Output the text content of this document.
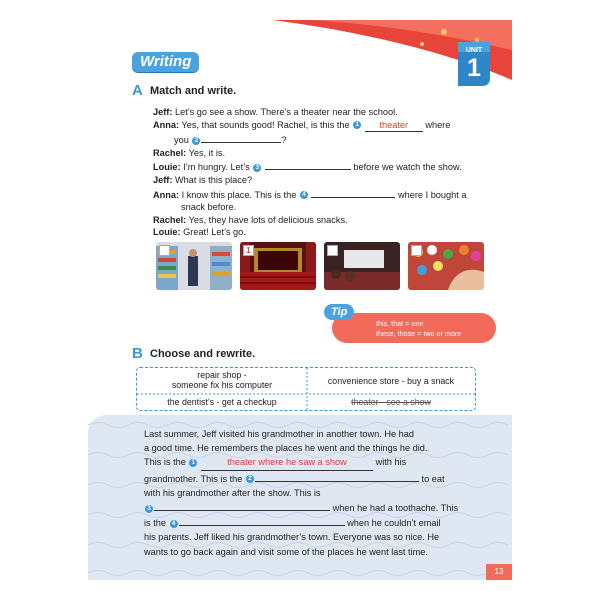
UNIT
1
Writing
A Match and write.
Jeff: Let’s go see a show. There’s a theater near the school.
Anna: Yes, that sounds good! Rachel, is this the 1 theater where
you 2	?
Rachel: Yes, it is.
Louie: I’m hungry. Let’s 3	before we watch the show.
Jeff: What is this place?
Anna: I know this place. This is the 4	where I bought a
snack before.
Rachel: Yes, they have lots of delicious snacks.
Louie: Great! Let’s go.
1
this, that = one
these, those = two or more
Tip
B Choose and rewrite.
repair shop -
someone fix his computer	convenience store - buy a snack
the dentist’s - get a checkup	theater - see a show
Last summer, Jeff visited his grandmother in another town. He had
a good time. He remembers the places he went and the things he did.
This is the 1	theater where he saw a show	with his
grandmother. This is the 2	to eat
with his grandmother after the show. This is
3	when he had a toothache. This
is the 4	when he couldn’t email
his parents. Jeff liked his grandmother’s town. Everyone was so nice. He
wants to go back again and visit some of the places he went last time.
13
